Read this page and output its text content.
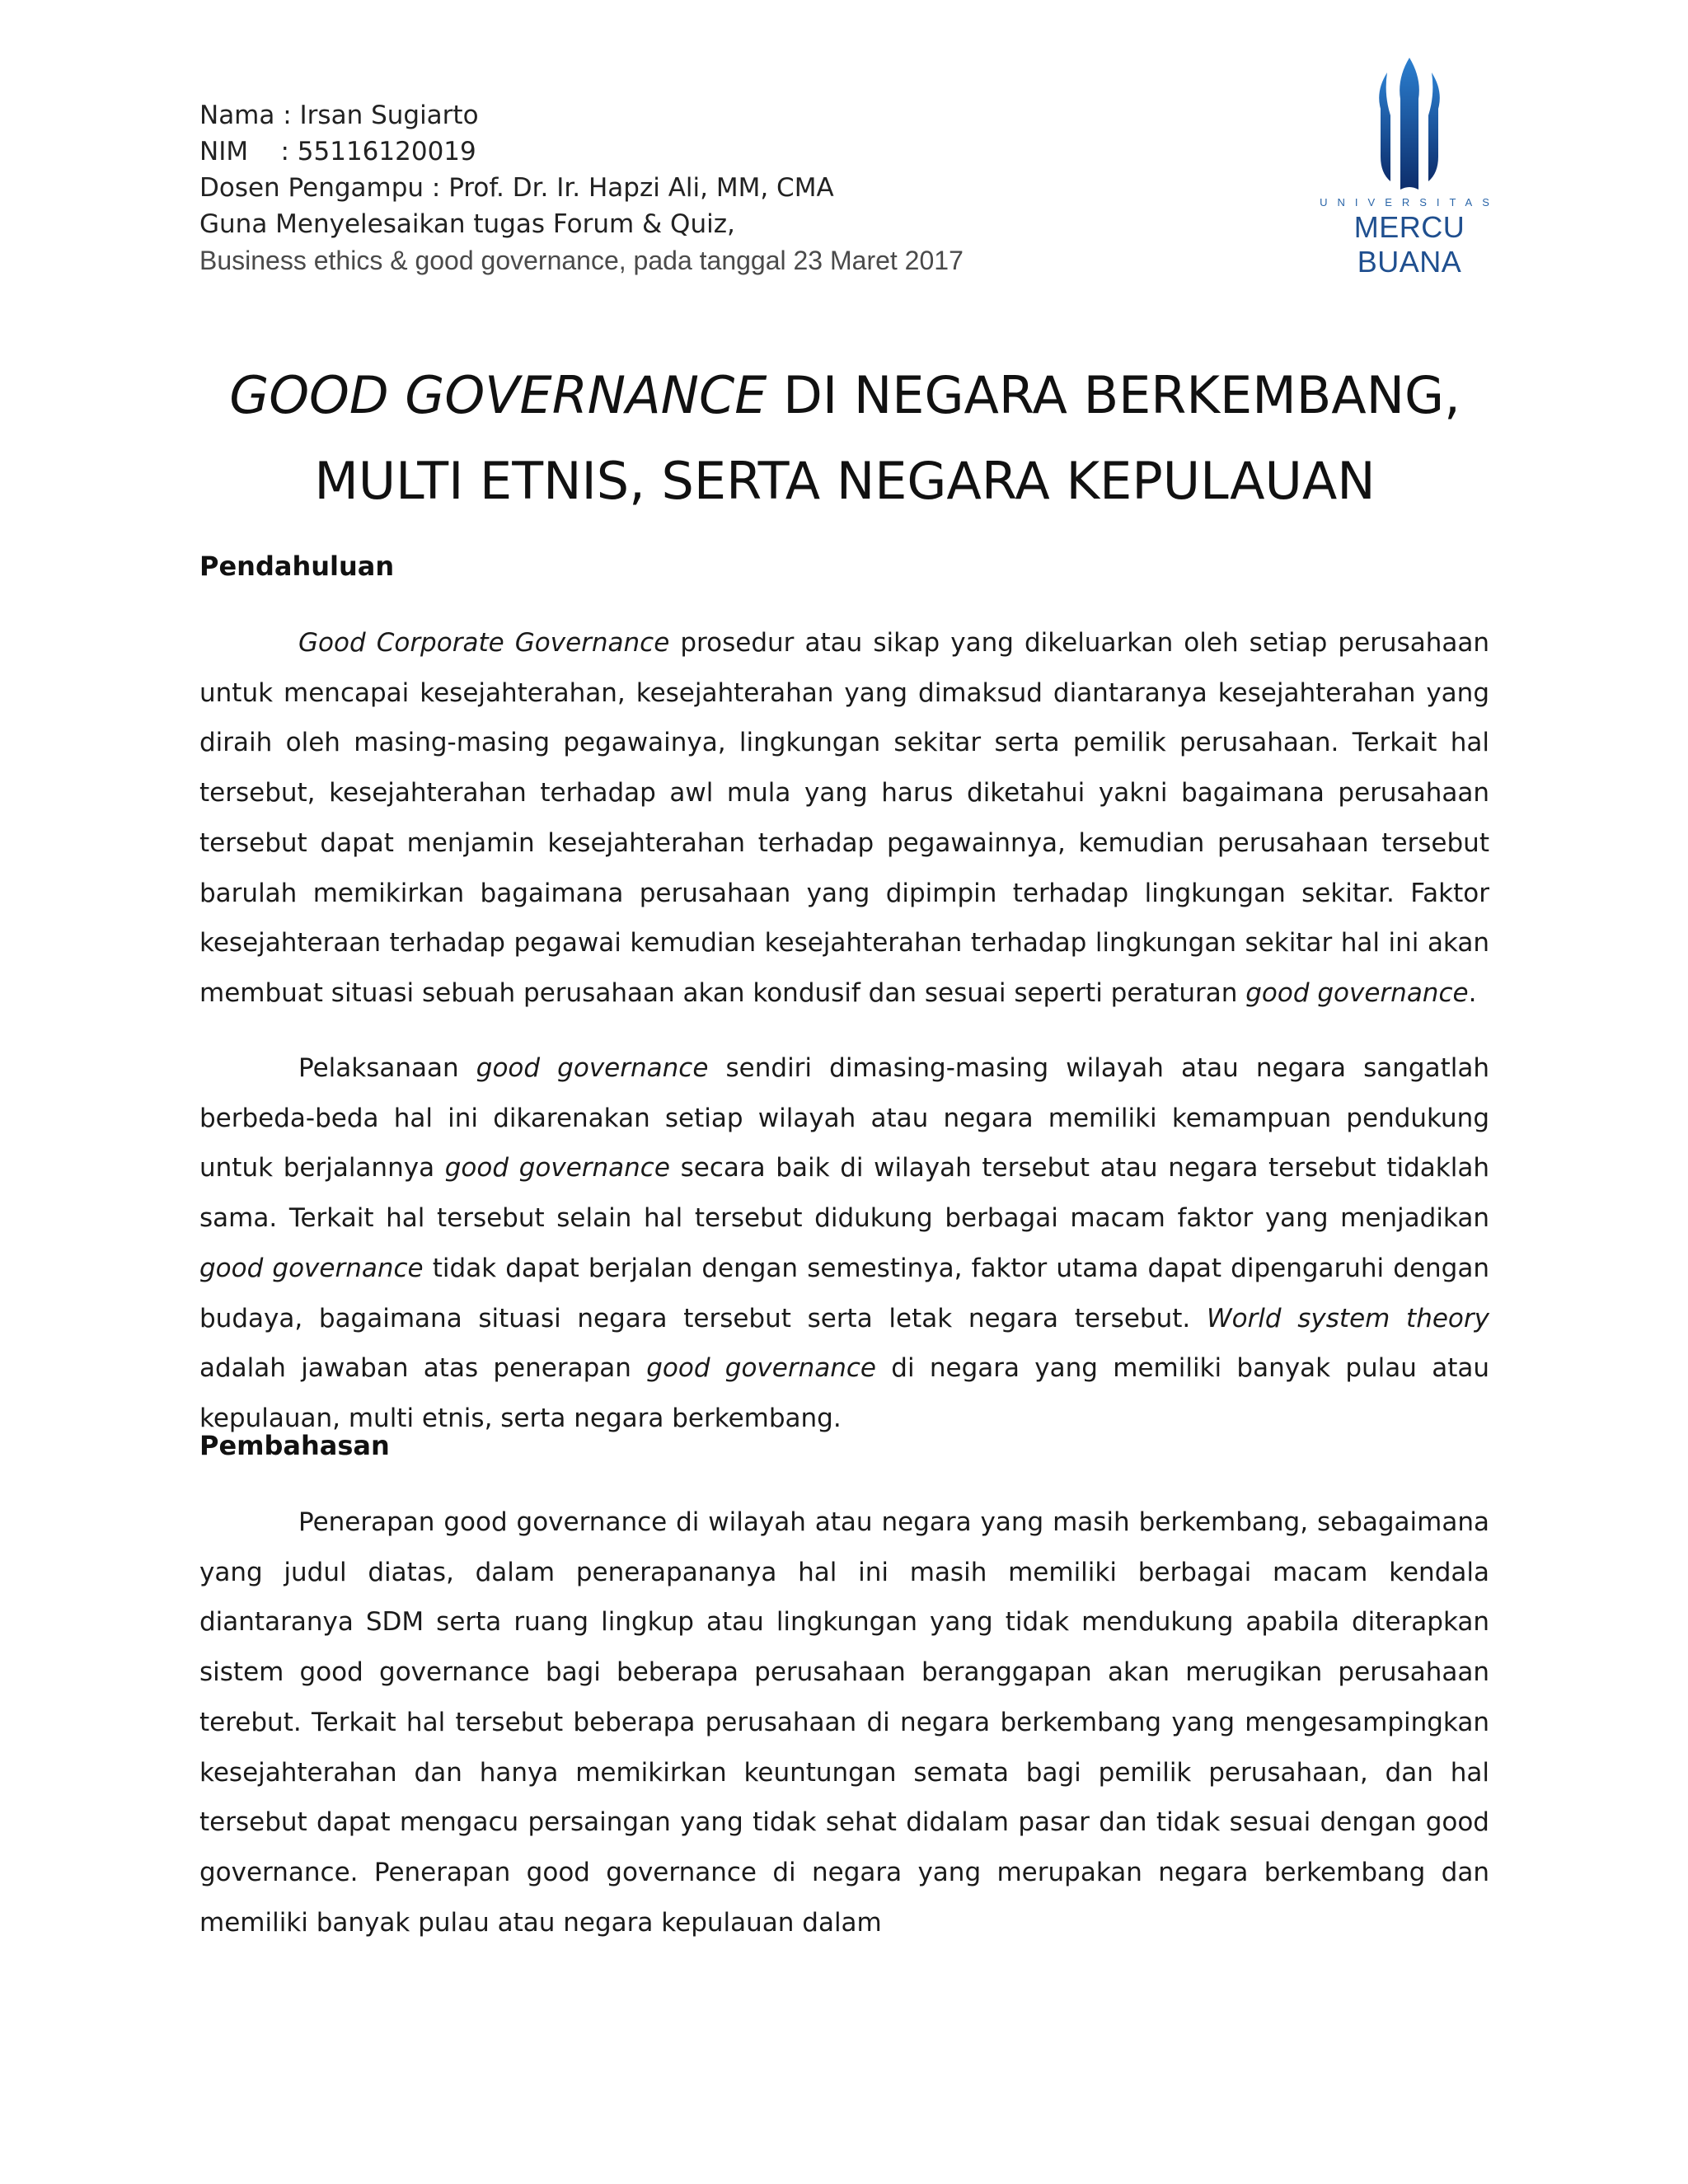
Nama : Irsan Sugiarto
NIM    : 55116120019
Dosen Pengampu : Prof. Dr. Ir. Hapzi Ali, MM, CMA
Guna Menyelesaikan tugas Forum & Quiz,
Business ethics & good governance, pada tanggal 23 Maret 2017
UNIVERSITAS
MERCU BUANA
GOOD GOVERNANCE DI NEGARA BERKEMBANG,
MULTI ETNIS, SERTA NEGARA KEPULAUAN
Pendahuluan
Good Corporate Governance prosedur atau sikap yang dikeluarkan oleh setiap perusahaan untuk mencapai kesejahterahan, kesejahterahan yang dimaksud diantaranya kesejahterahan yang diraih oleh masing-masing pegawainya, lingkungan sekitar serta pemilik perusahaan. Terkait hal tersebut, kesejahterahan terhadap awl mula yang harus diketahui yakni bagaimana perusahaan tersebut dapat menjamin kesejahterahan terhadap pegawainnya, kemudian perusahaan tersebut barulah memikirkan bagaimana perusahaan yang dipimpin terhadap lingkungan sekitar. Faktor kesejahteraan terhadap pegawai kemudian kesejahterahan terhadap lingkungan sekitar hal ini akan membuat situasi sebuah perusahaan akan kondusif dan sesuai seperti peraturan good governance.
Pelaksanaan good governance sendiri dimasing-masing wilayah atau negara sangatlah berbeda-beda hal ini dikarenakan setiap wilayah atau negara memiliki kemampuan pendukung untuk berjalannya good governance secara baik di wilayah tersebut atau negara tersebut tidaklah sama. Terkait hal tersebut selain hal tersebut didukung berbagai macam faktor yang menjadikan good governance tidak dapat berjalan dengan semestinya, faktor utama dapat dipengaruhi dengan budaya, bagaimana situasi negara tersebut serta letak negara tersebut. World system theory adalah jawaban atas penerapan good governance di negara yang memiliki banyak pulau atau kepulauan, multi etnis, serta negara berkembang.
Pembahasan
Penerapan good governance di wilayah atau negara yang masih berkembang, sebagaimana yang judul diatas, dalam penerapananya hal ini masih memiliki berbagai macam kendala diantaranya SDM serta ruang lingkup atau lingkungan yang tidak mendukung apabila diterapkan sistem good governance bagi beberapa perusahaan beranggapan akan merugikan perusahaan terebut. Terkait hal tersebut beberapa perusahaan di negara berkembang yang mengesampingkan kesejahterahan dan hanya memikirkan keuntungan semata bagi pemilik perusahaan, dan hal tersebut dapat mengacu persaingan yang tidak sehat didalam pasar dan tidak sesuai dengan good governance. Penerapan good governance di negara yang merupakan negara berkembang dan memiliki banyak pulau atau negara kepulauan dalam
